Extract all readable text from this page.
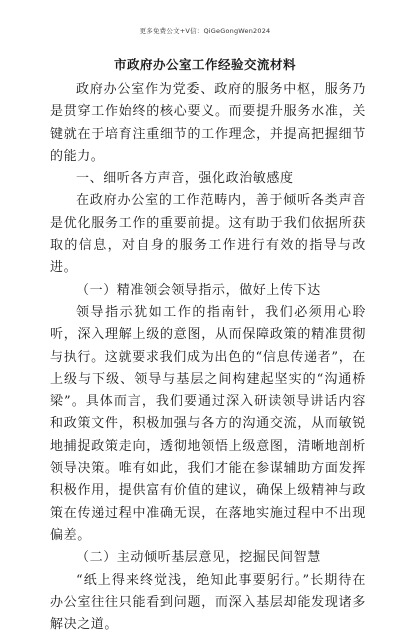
更多免费公文+V信：QiGeGongWen2024
市政府办公室工作经验交流材料

政府办公室作为党委、政府的服务中枢，服务乃是贯穿工作始终的核心要义。而要提升服务水准，关键就在于培育注重细节的工作理念，并提高把握细节的能力。

一、细听各方声音，强化政治敏感度

在政府办公室的工作范畴内，善于倾听各类声音是优化服务工作的重要前提。这有助于我们依据所获取的信息，对自身的服务工作进行有效的指导与改进。

（一）精准领会领导指示，做好上传下达

领导指示犹如工作的指南针，我们必须用心聆听，深入理解上级的意图，从而保障政策的精准贯彻与执行。这就要求我们成为出色的“信息传递者”，在上级与下级、领导与基层之间构建起坚实的“沟通桥梁”。具体而言，我们要通过深入研读领导讲话内容和政策文件，积极加强与各方的沟通交流，从而敏锐地捕捉政策走向，透彻地领悟上级意图，清晰地剖析领导决策。唯有如此，我们才能在参谋辅助方面发挥积极作用，提供富有价值的建议，确保上级精神与政策在传递过程中准确无误，在落地实施过程中不出现偏差。

（二）主动倾听基层意见，挖掘民间智慧

“纸上得来终觉浅，绝知此事要躬行。”长期待在办公室往往只能看到问题，而深入基层却能发现诸多解决之道。
